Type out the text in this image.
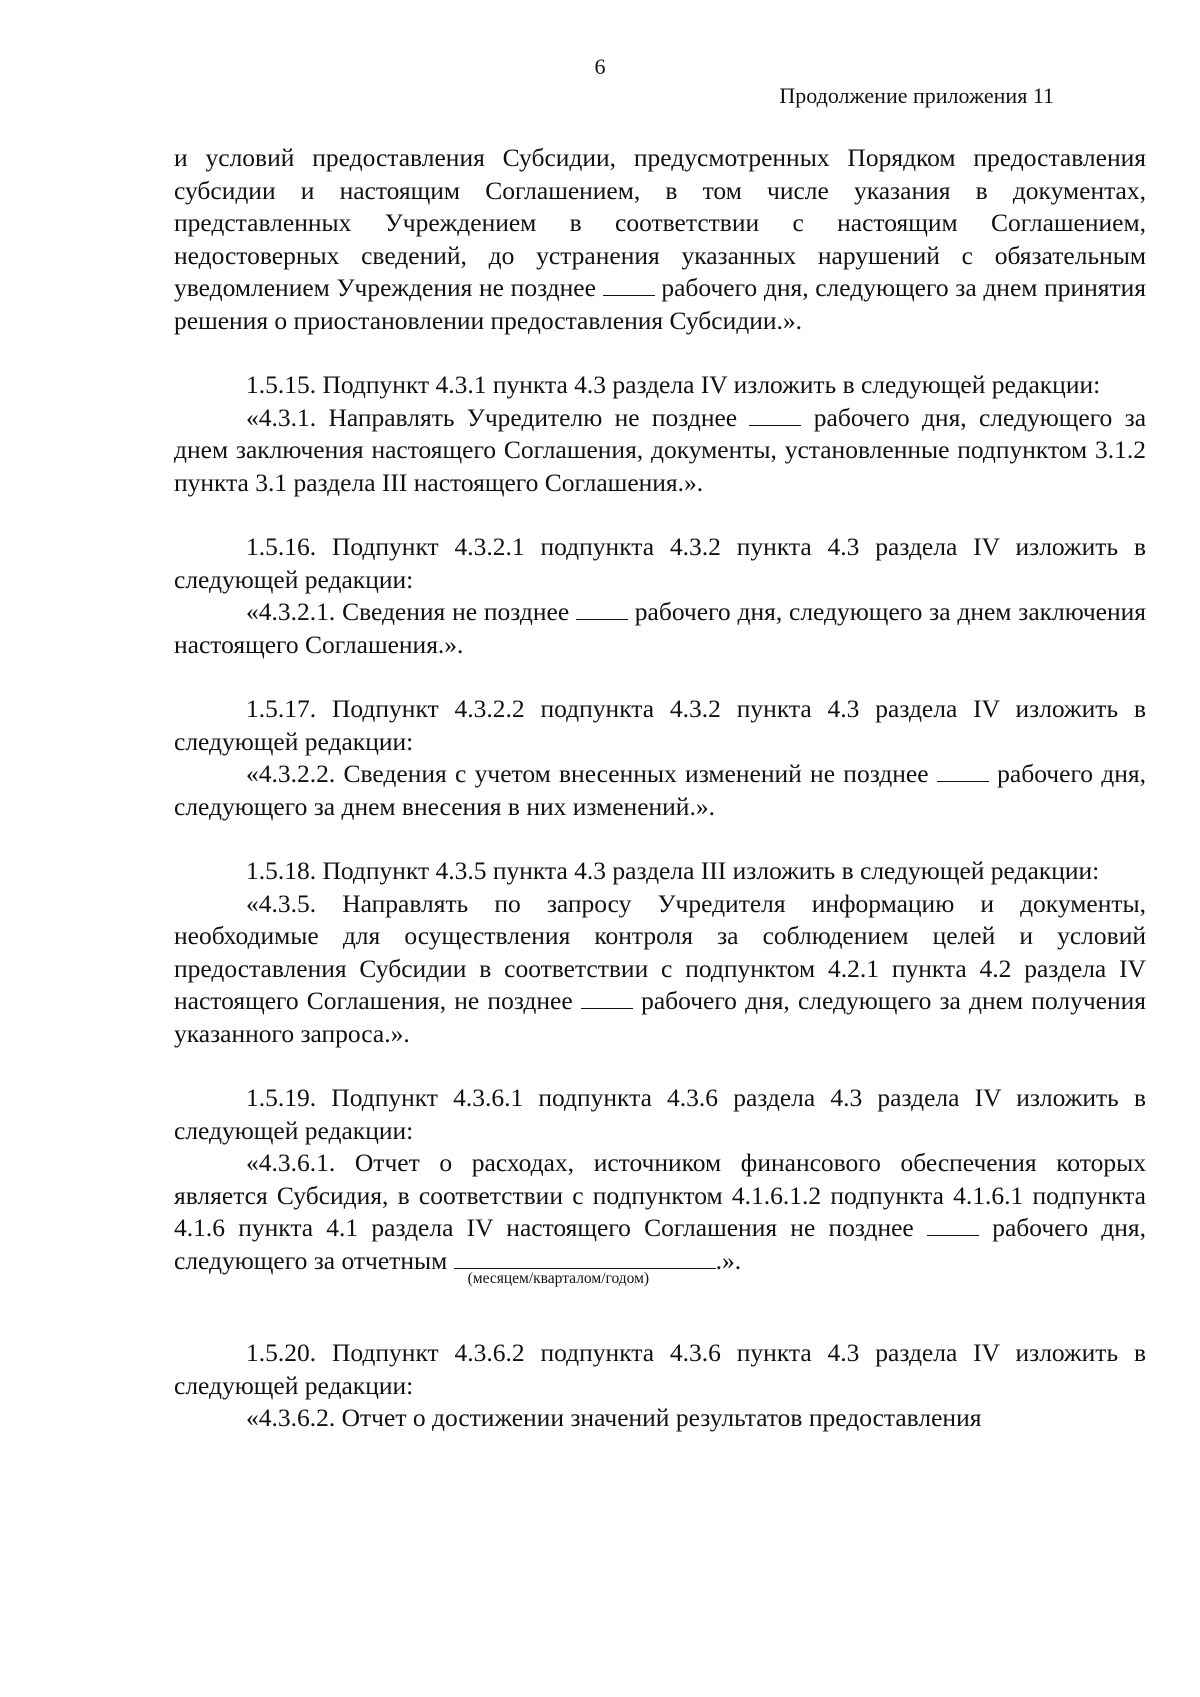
6
Продолжение приложения 11

и условий предоставления Субсидии, предусмотренных Порядком предоставления субсидии и настоящим Соглашением, в том числе указания в документах, представленных Учреждением в соответствии с настоящим Соглашением, недостоверных сведений, до устранения указанных нарушений с обязательным уведомлением Учреждения не позднее	рабочего дня, следующего за днем принятия решения о приостановлении предоставления Субсидии.».

1.5.15. Подпункт 4.3.1 пункта 4.3 раздела IV изложить в следующей редакции:

«4.3.1. Направлять Учредителю не позднее	рабочего дня, следующего за днем заключения настоящего Соглашения, документы, установленные подпунктом 3.1.2 пункта 3.1 раздела III настоящего Соглашения.».

1.5.16. Подпункт 4.3.2.1 подпункта 4.3.2 пункта 4.3 раздела IV изложить в следующей редакции:

«4.3.2.1. Сведения не позднее	рабочего дня, следующего за днем заключения настоящего Соглашения.».

1.5.17. Подпункт 4.3.2.2 подпункта 4.3.2 пункта 4.3 раздела IV изложить в следующей редакции:

«4.3.2.2. Сведения с учетом внесенных изменений не позднее	рабочего дня, следующего за днем внесения в них изменений.».

1.5.18. Подпункт 4.3.5 пункта 4.3 раздела III изложить в следующей редакции:

«4.3.5. Направлять по запросу Учредителя информацию и документы, необходимые для осуществления контроля за соблюдением целей и условий предоставления Субсидии в соответствии с подпунктом 4.2.1 пункта 4.2 раздела IV настоящего Соглашения, не позднее	рабочего дня, следующего за днем получения указанного запроса.».

1.5.19. Подпункт 4.3.6.1 подпункта 4.3.6 раздела 4.3 раздела IV изложить в следующей редакции:

«4.3.6.1. Отчет о расходах, источником финансового обеспечения которых является Субсидия, в соответствии с подпунктом 4.1.6.1.2 подпункта 4.1.6.1 подпункта 4.1.6 пункта 4.1 раздела IV настоящего Соглашения не позднее	рабочего дня, следующего за отчетным
(месяцем/кварталом/годом)
.».

1.5.20. Подпункт 4.3.6.2 подпункта 4.3.6 пункта 4.3 раздела IV изложить в следующей редакции:

«4.3.6.2. Отчет о достижении значений результатов предоставления
